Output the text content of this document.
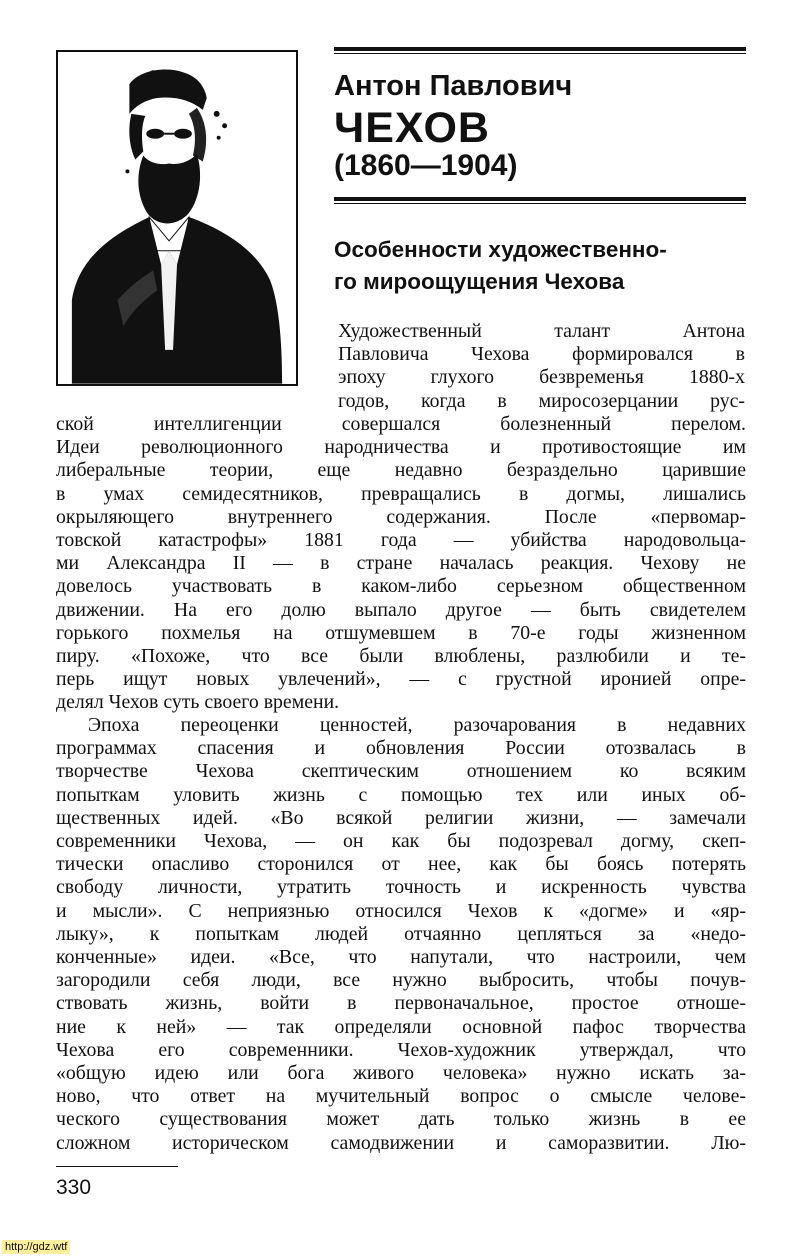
Антон Павлович
ЧЕХОВ
(1860—1904)
Особенности художественно-
го мироощущения Чехова
Художественный талант Антона
Павловича Чехова формировался в
эпоху глухого безвременья 1880-х
годов, когда в миросозерцании рус-
ской интеллигенции совершался болезненный перелом.
Идеи революционного народничества и противостоящие им
либеральные теории, еще недавно безраздельно царившие
в умах семидесятников, превращались в догмы, лишались
окрыляющего внутреннего содержания. После «первомар-
товской катастрофы» 1881 года — убийства народовольца-
ми Александра II — в стране началась реакция. Чехову не
довелось участвовать в каком-либо серьезном общественном
движении. На его долю выпало другое — быть свидетелем
горького похмелья на отшумевшем в 70-е годы жизненном
пиру. «Похоже, что все были влюблены, разлюбили и те-
перь ищут новых увлечений», — с грустной иронией опре-
делял Чехов суть своего времени.
Эпоха переоценки ценностей, разочарования в недавних
программах спасения и обновления России отозвалась в
творчестве Чехова скептическим отношением ко всяким
попыткам уловить жизнь с помощью тех или иных об-
щественных идей. «Во всякой религии жизни, — замечали
современники Чехова, — он как бы подозревал догму, скеп-
тически опасливо сторонился от нее, как бы боясь потерять
свободу личности, утратить точность и искренность чувства
и мысли». С неприязнью относился Чехов к «догме» и «яр-
лыку», к попыткам людей отчаянно цепляться за «недо-
конченные» идеи. «Все, что напутали, что настроили, чем
загородили себя люди, все нужно выбросить, чтобы почув-
ствовать жизнь, войти в первоначальное, простое отноше-
ние к ней» — так определяли основной пафос творчества
Чехова его современники. Чехов-художник утверждал, что
«общую идею или бога живого человека» нужно искать за-
ново, что ответ на мучительный вопрос о смысле челове-
ческого существования может дать только жизнь в ее
сложном историческом самодвижении и саморазвитии. Лю-
330
http://gdz.wtf
